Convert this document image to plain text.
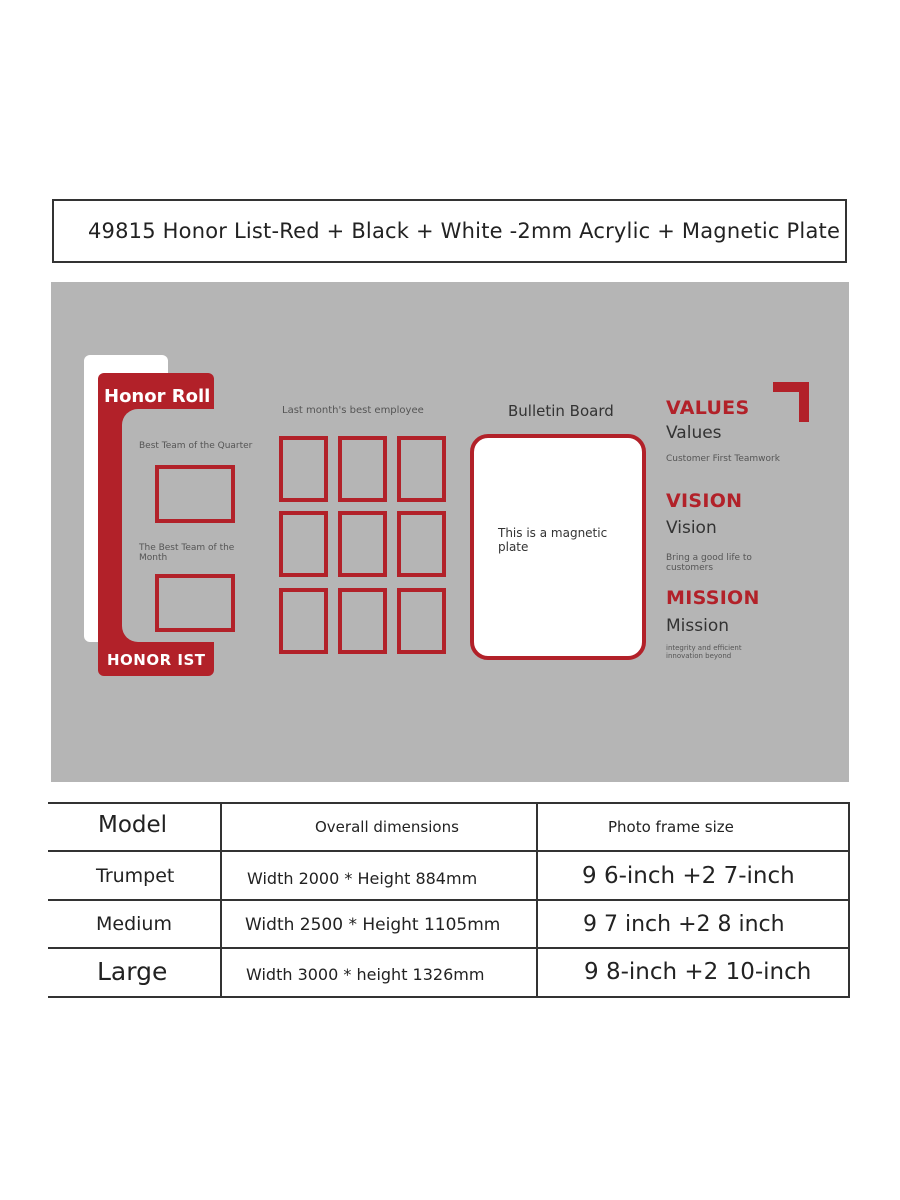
49815 Honor List-Red + Black + White -2mm Acrylic + Magnetic Plate
Honor Roll
Best Team of the Quarter
The Best Team of the Month
HONOR IST
Last month's best employee	Bulletin Board
This is a magnetic plate
VALUES
Values
Customer First Teamwork
VISION
Vision
Bring a good life to customers
MISSION
Mission
integrity and efficient innovation beyond
Model	Overall dimensions	Photo frame size
Trumpet	Width 2000 * Height 884mm	9 6-inch +2 7-inch
Medium	Width 2500 * Height 1105mm	9 7 inch +2 8 inch
Large	Width 3000 * height 1326mm	9 8-inch +2 10-inch
